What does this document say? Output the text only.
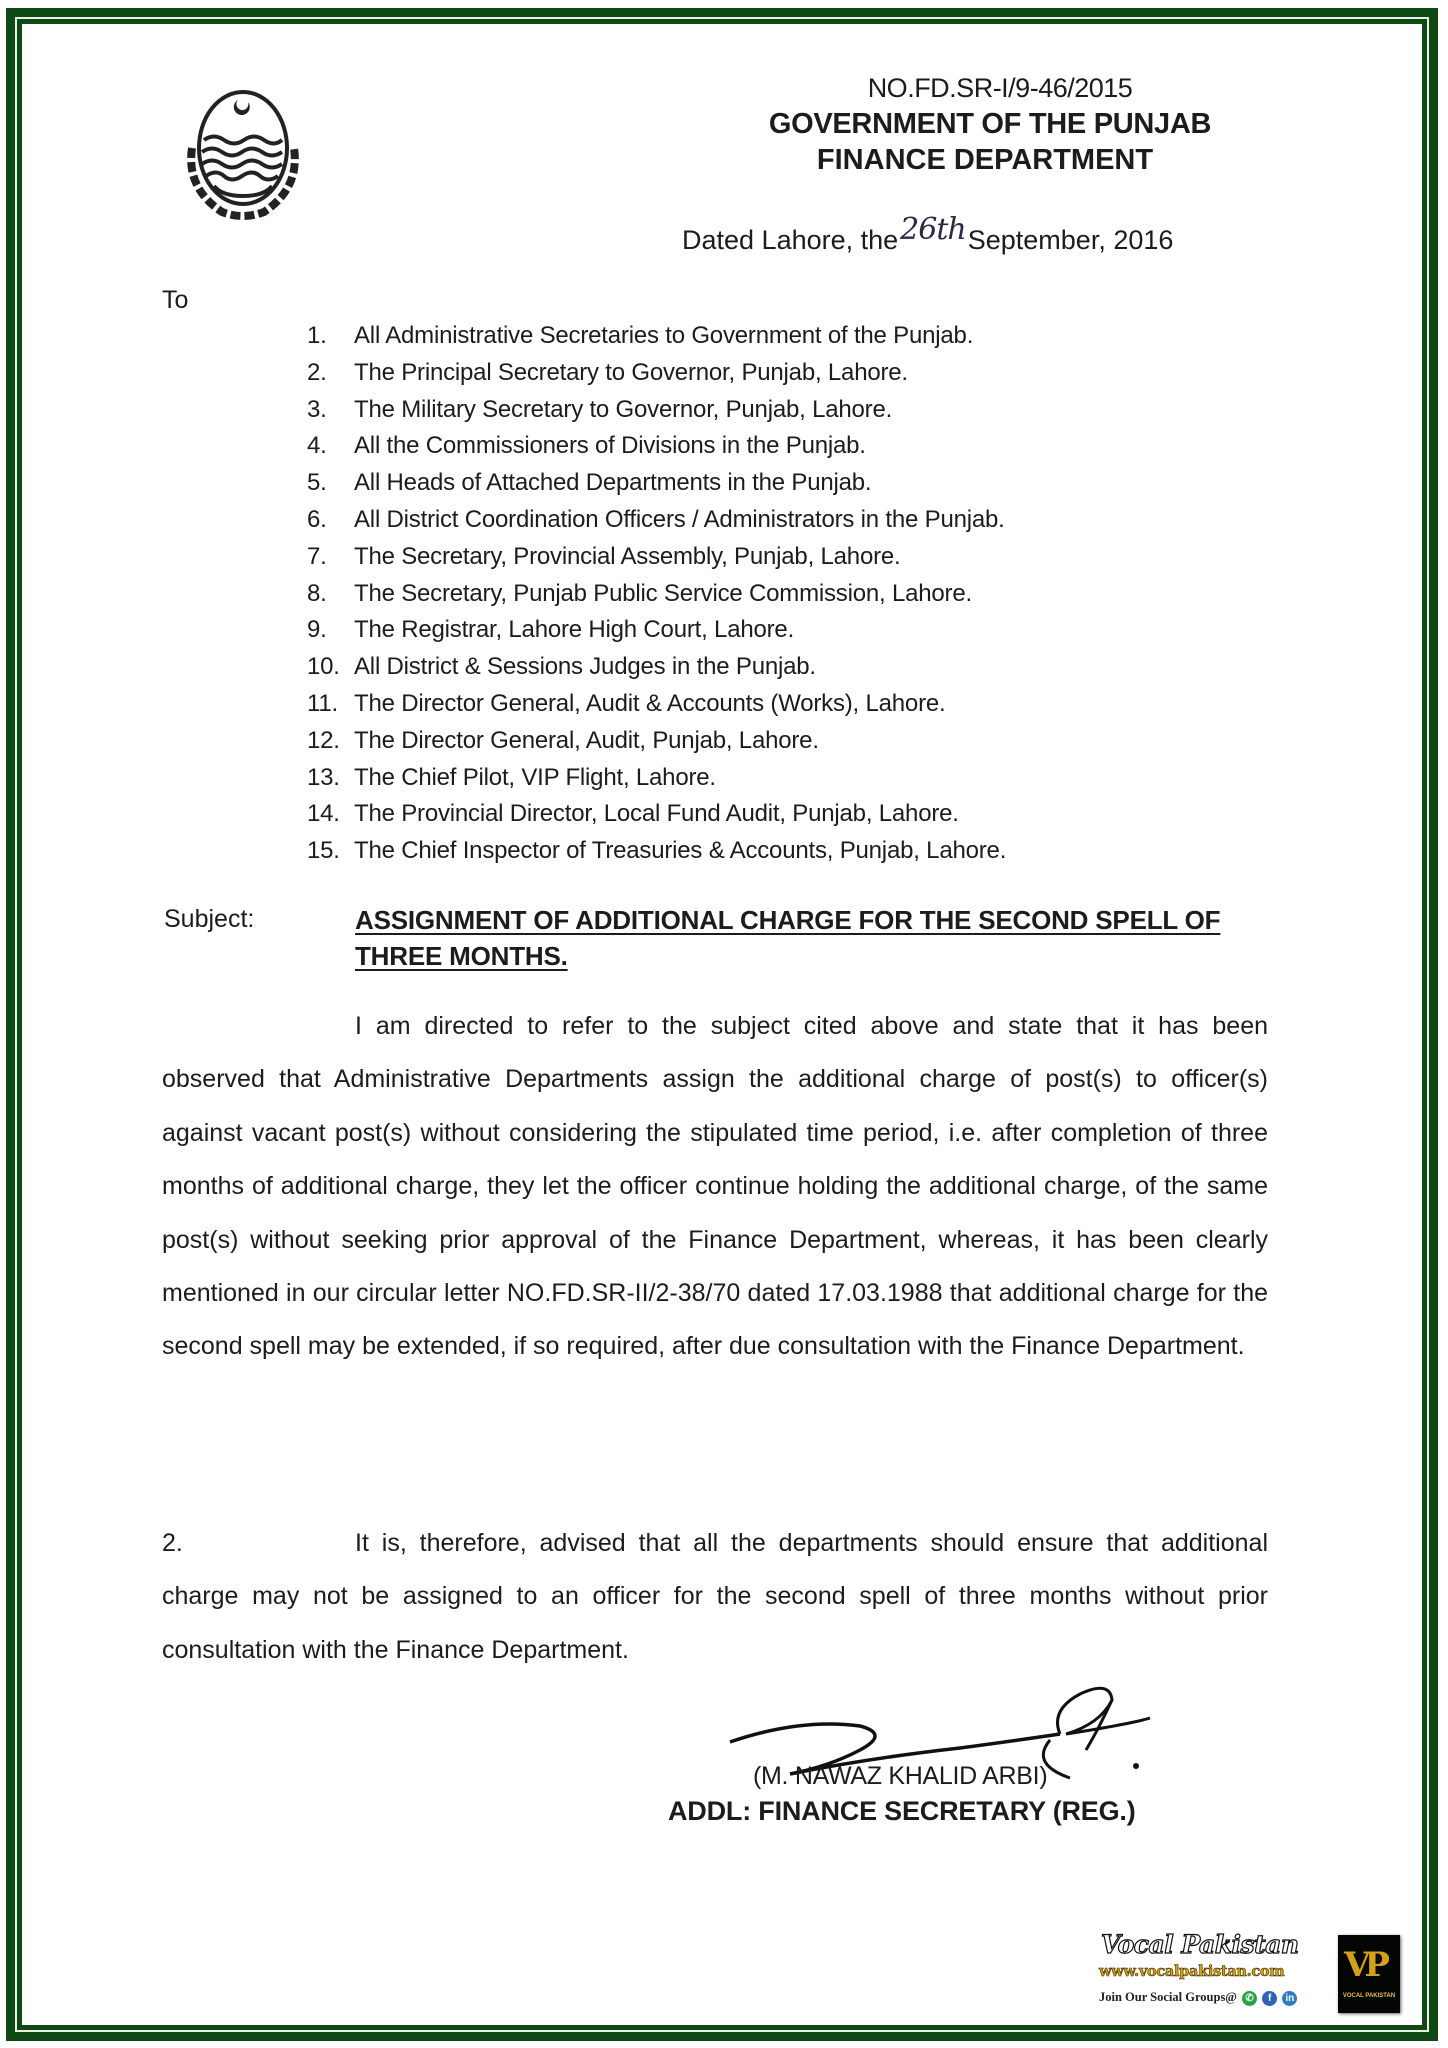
NO.FD.SR-I/9-46/2015
GOVERNMENT OF THE PUNJAB
FINANCE DEPARTMENT
Dated Lahore, the26thSeptember, 2016
To
1. All Administrative Secretaries to Government of the Punjab.
2. The Principal Secretary to Governor, Punjab, Lahore.
3. The Military Secretary to Governor, Punjab, Lahore.
4. All the Commissioners of Divisions in the Punjab.
5. All Heads of Attached Departments in the Punjab.
6. All District Coordination Officers / Administrators in the Punjab.
7. The Secretary, Provincial Assembly, Punjab, Lahore.
8. The Secretary, Punjab Public Service Commission, Lahore.
9. The Registrar, Lahore High Court, Lahore.
10. All District & Sessions Judges in the Punjab.
11. The Director General, Audit & Accounts (Works), Lahore.
12. The Director General, Audit, Punjab, Lahore.
13. The Chief Pilot, VIP Flight, Lahore.
14. The Provincial Director, Local Fund Audit, Punjab, Lahore.
15. The Chief Inspector of Treasuries & Accounts, Punjab, Lahore.
Subject:	ASSIGNMENT OF ADDITIONAL CHARGE FOR THE SECOND SPELL OF THREE MONTHS.
I am directed to refer to the subject cited above and state that it has been observed that Administrative Departments assign the additional charge of post(s) to officer(s) against vacant post(s) without considering the stipulated time period, i.e. after completion of three months of additional charge, they let the officer continue holding the additional charge, of the same post(s) without seeking prior approval of the Finance Department, whereas, it has been clearly mentioned in our circular letter NO.FD.SR-II/2-38/70 dated 17.03.1988 that additional charge for the second spell may be extended, if so required, after due consultation with the Finance Department.
2.	It is, therefore, advised that all the departments should ensure that additional charge may not be assigned to an officer for the second spell of three months without prior consultation with the Finance Department.
(M. NAWAZ KHALID ARBI)
ADDL: FINANCE SECRETARY (REG.)
Vocal Pakistan
www.vocalpakistan.com
Join Our Social Groups@ ✆ f in
VP
VOCAL PAKISTAN
